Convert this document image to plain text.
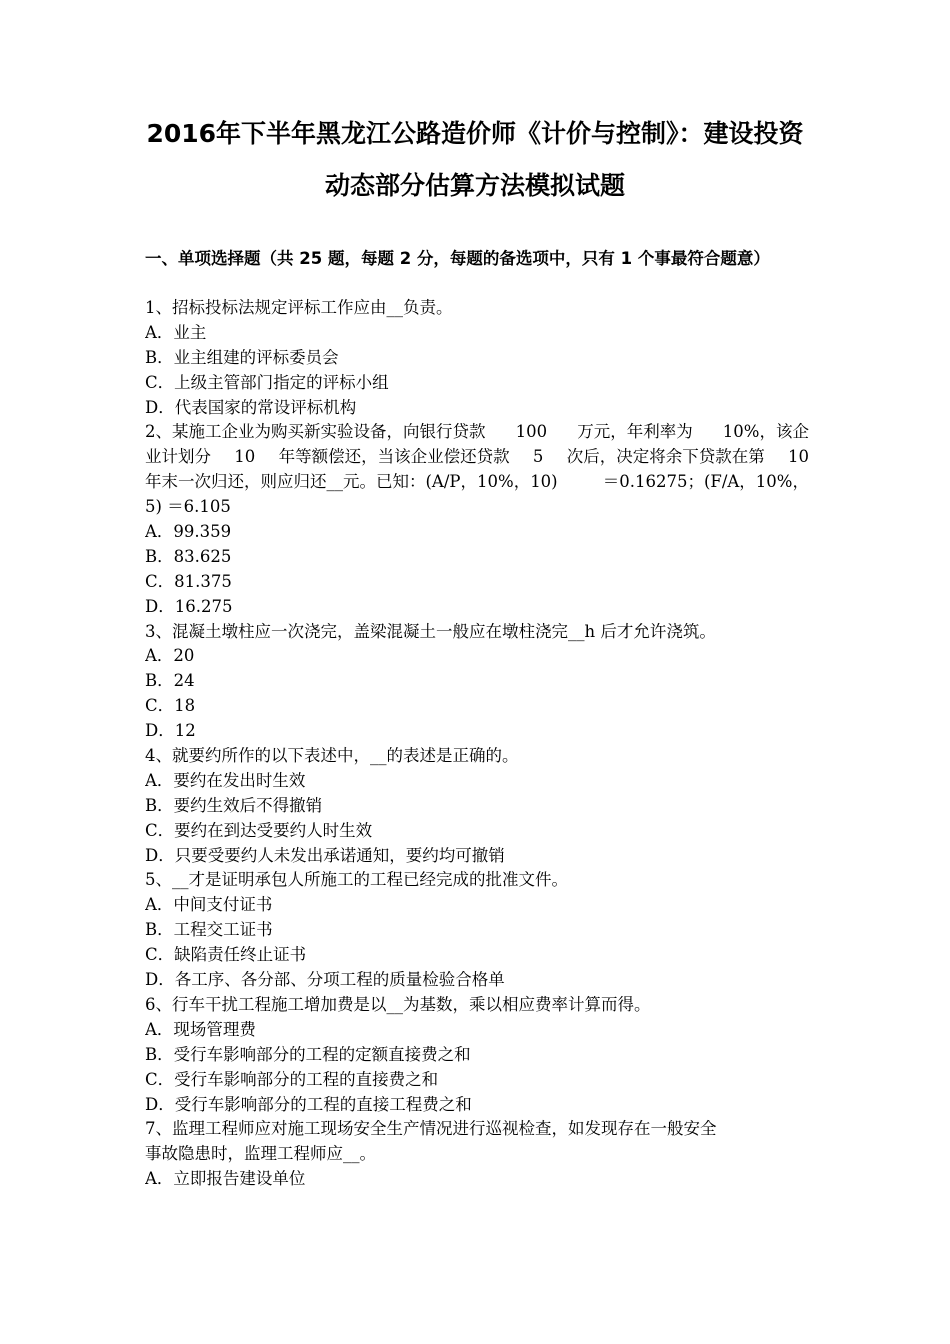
2016年下半年黑龙江公路造价师《计价与控制》：建设投资
动态部分估算方法模拟试题
一、单项选择题（共 25 题，每题 2 分，每题的备选项中，只有 1 个事最符合题意）
1、招标投标法规定评标工作应由__负责。
A．业主
B．业主组建的评标委员会
C．上级主管部门指定的评标小组
D．代表国家的常设评标机构
2、某施工企业为购买新实验设备，向银行贷款 100 万元，年利率为 10%，该企
业计划分 10 年等额偿还，当该企业偿还贷款 5 次后，决定将余下贷款在第 10
年末一次归还，则应归还__元。已知：(A/P，10%，10)	＝0.16275；(F/A，10%，
5) ＝6.105
A．99.359
B．83.625
C．81.375
D．16.275
3、混凝土墩柱应一次浇完，盖梁混凝土一般应在墩柱浇完__h 后才允许浇筑。
A．20
B．24
C．18
D．12
4、就要约所作的以下表述中，__的表述是正确的。
A．要约在发出时生效
B．要约生效后不得撤销
C．要约在到达受要约人时生效
D．只要受要约人未发出承诺通知，要约均可撤销
5、__才是证明承包人所施工的工程已经完成的批准文件。
A．中间支付证书
B．工程交工证书
C．缺陷责任终止证书
D．各工序、各分部、分项工程的质量检验合格单
6、行车干扰工程施工增加费是以__为基数，乘以相应费率计算而得。
A．现场管理费
B．受行车影响部分的工程的定额直接费之和
C．受行车影响部分的工程的直接费之和
D．受行车影响部分的工程的直接工程费之和
7、监理工程师应对施工现场安全生产情况进行巡视检查，如发现存在一般安全
事故隐患时，监理工程师应__。
A．立即报告建设单位
